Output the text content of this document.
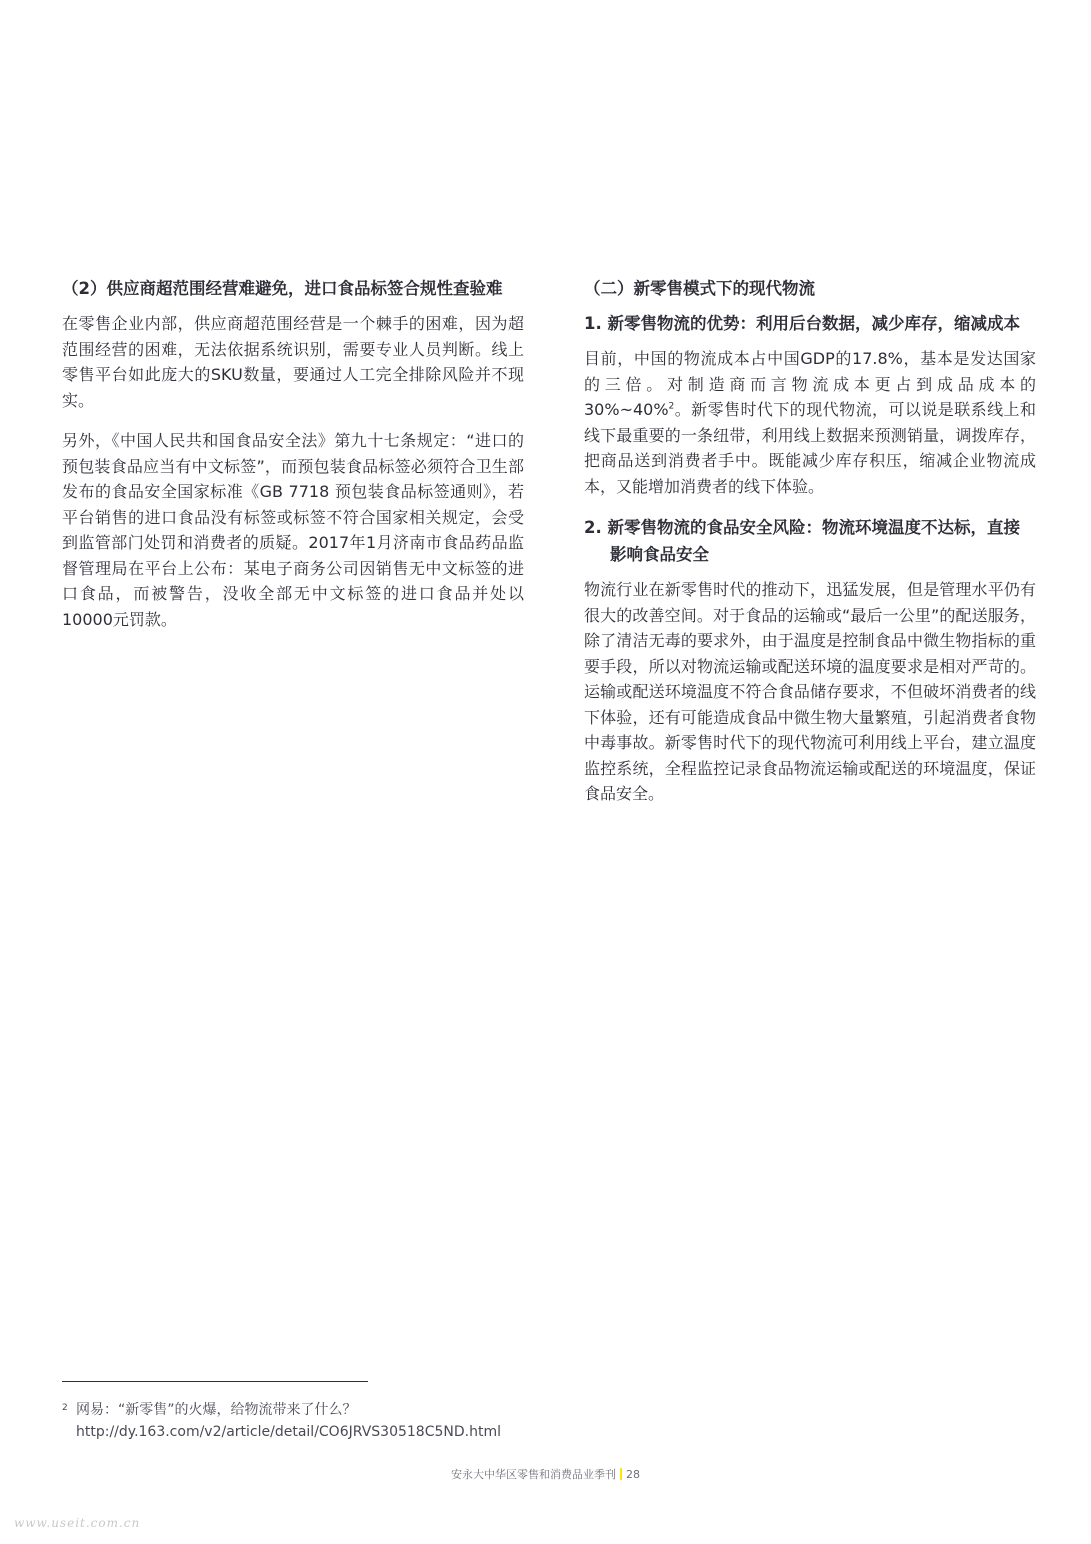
（2）供应商超范围经营难避免，进口食品标签合规性查验难

在零售企业内部，供应商超范围经营是一个棘手的困难，因为超范围经营的困难，无法依据系统识别，需要专业人员判断。线上零售平台如此庞大的SKU数量，要通过人工完全排除风险并不现实。

另外，《中国人民共和国食品安全法》第九十七条规定：“进口的预包装食品应当有中文标签”，而预包装食品标签必须符合卫生部发布的食品安全国家标准《GB 7718 预包装食品标签通则》，若平台销售的进口食品没有标签或标签不符合国家相关规定，会受到监管部门处罚和消费者的质疑。2017年1月济南市食品药品监督管理局在平台上公布：某电子商务公司因销售无中文标签的进口食品，而被警告，没收全部无中文标签的进口食品并处以10000元罚款。

（二）新零售模式下的现代物流
1. 新零售物流的优势：利用后台数据，减少库存，缩减成本

目前，中国的物流成本占中国GDP的17.8%，基本是发达国家的三倍。对制造商而言物流成本更占到成品成本的30%~40%$^2$。新零售时代下的现代物流，可以说是联系线上和线下最重要的一条纽带，利用线上数据来预测销量，调拨库存，把商品送到消费者手中。既能减少库存积压，缩减企业物流成本，又能增加消费者的线下体验。

2. 新零售物流的食品安全风险：物流环境温度不达标，直接影响食品安全

物流行业在新零售时代的推动下，迅猛发展，但是管理水平仍有很大的改善空间。对于食品的运输或“最后一公里”的配送服务，除了清洁无毒的要求外，由于温度是控制食品中微生物指标的重要手段，所以对物流运输或配送环境的温度要求是相对严苛的。运输或配送环境温度不符合食品储存要求，不但破坏消费者的线下体验，还有可能造成食品中微生物大量繁殖，引起消费者食物中毒事故。新零售时代下的现代物流可利用线上平台，建立温度监控系统，全程监控记录食品物流运输或配送的环境温度，保证食品安全。

2 网易：“新零售”的火爆，给物流带来了什么？
http://dy.163.com/v2/article/detail/CO6JRVS30518C5ND.html
安永大中华区零售和消费品业季刊 28
www.useit.com.cn
